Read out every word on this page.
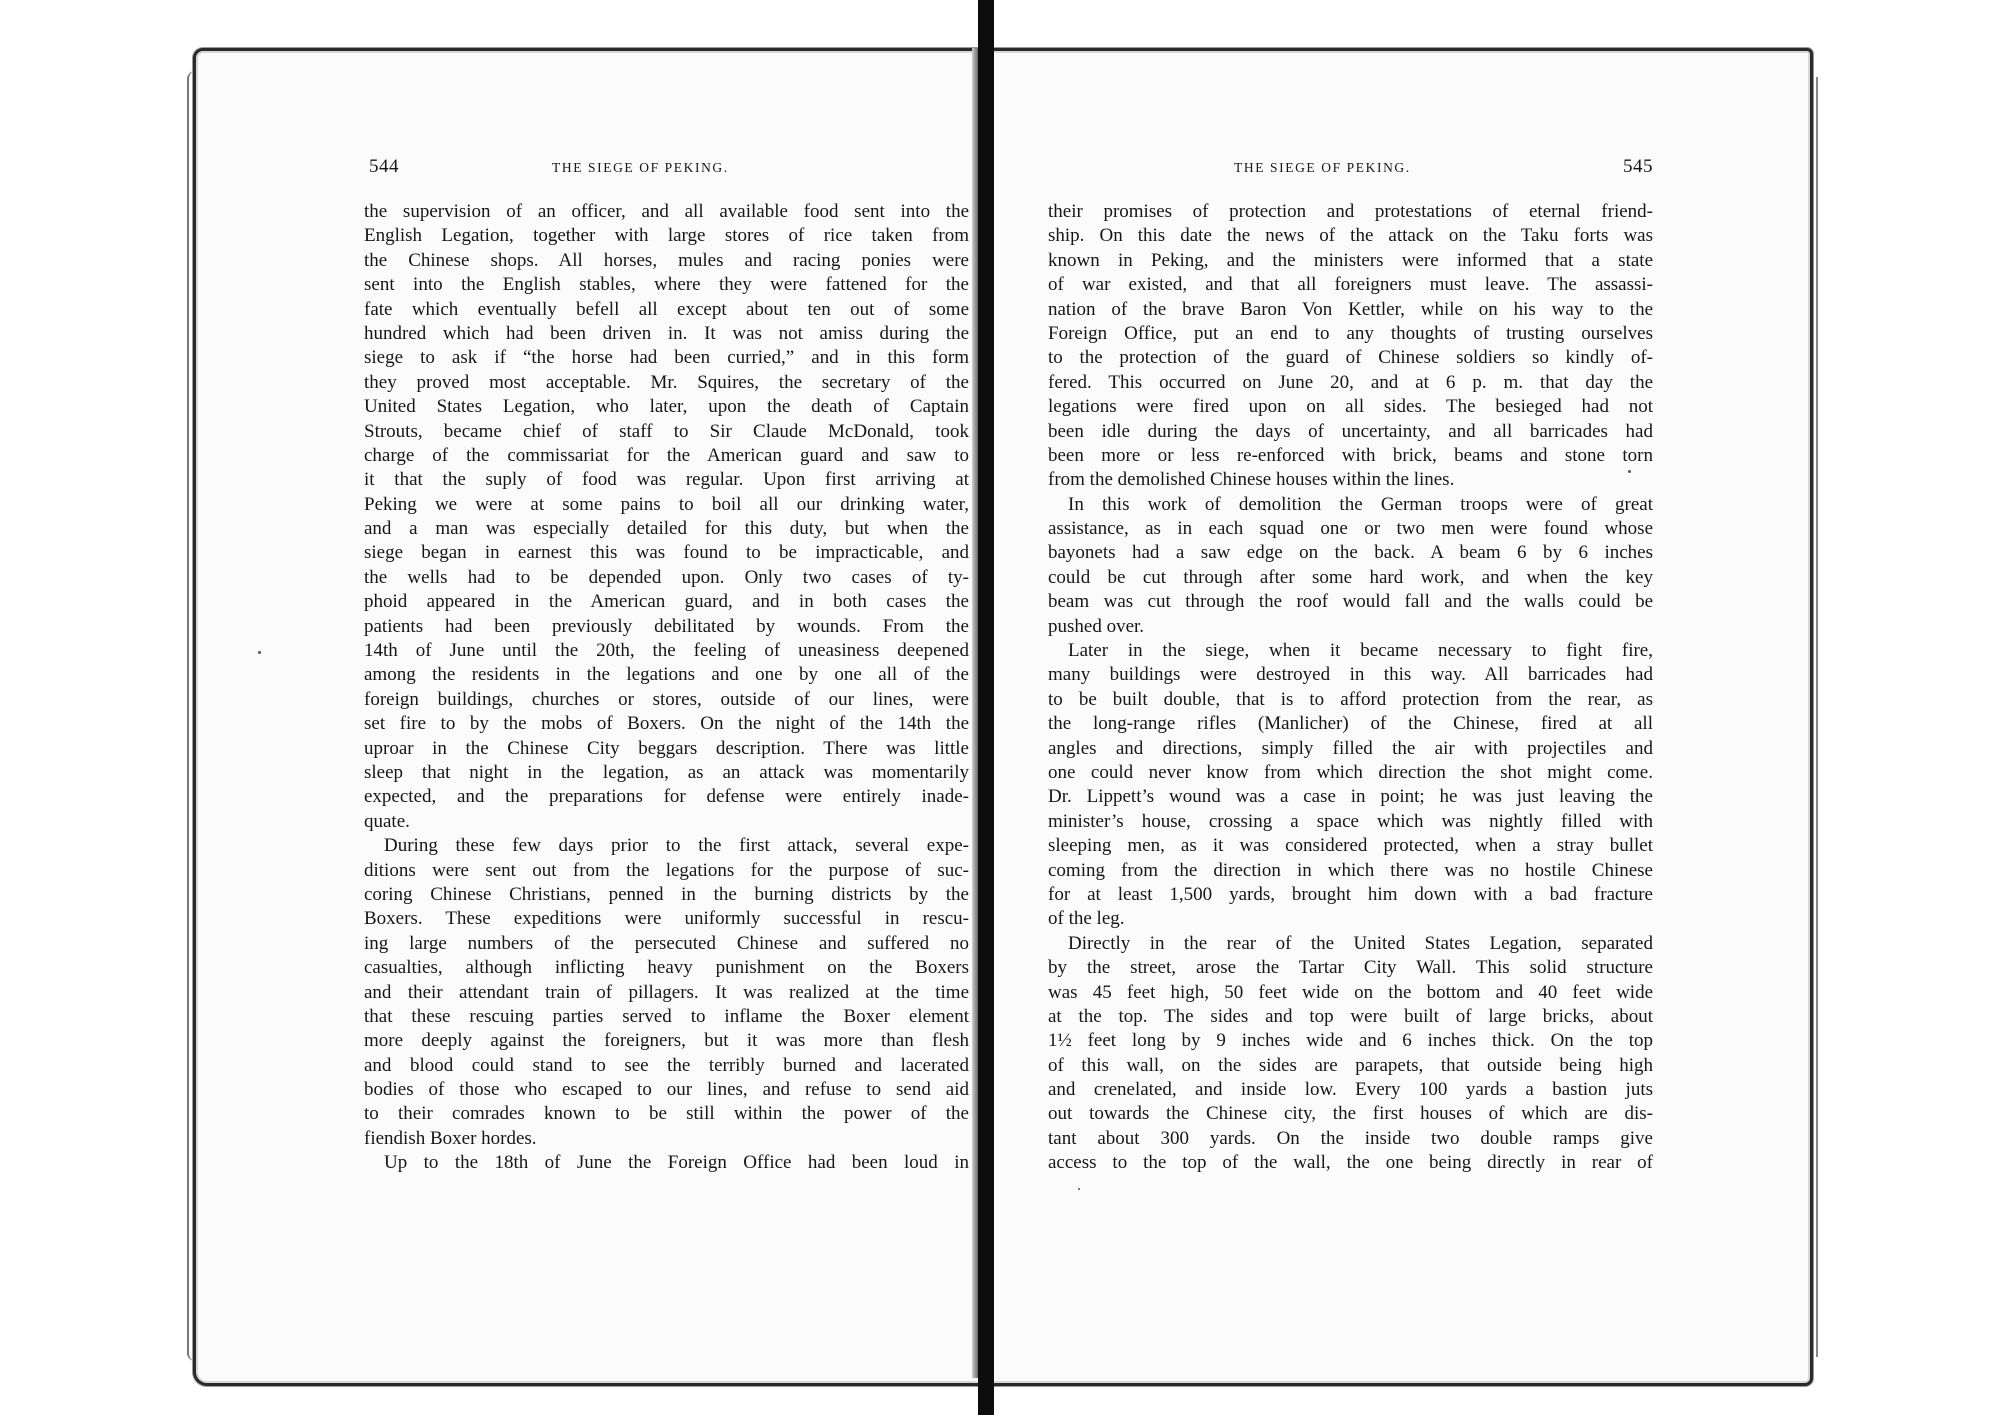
544	THE SIEGE OF PEKING.
the supervision of an officer, and all available food sent into the
English Legation, together with large stores of rice taken from
the Chinese shops. All horses, mules and racing ponies were
sent into the English stables, where they were fattened for the
fate which eventually befell all except about ten out of some
hundred which had been driven in. It was not amiss during the
siege to ask if “the horse had been curried,” and in this form
they proved most acceptable. Mr. Squires, the secretary of the
United States Legation, who later, upon the death of Captain
Strouts, became chief of staff to Sir Claude McDonald, took
charge of the commissariat for the American guard and saw to
it that the suply of food was regular. Upon first arriving at
Peking we were at some pains to boil all our drinking water,
and a man was especially detailed for this duty, but when the
siege began in earnest this was found to be impracticable, and
the wells had to be depended upon. Only two cases of ty-
phoid appeared in the American guard, and in both cases the
patients had been previously debilitated by wounds. From the
14th of June until the 20th, the feeling of uneasiness deepened
among the residents in the legations and one by one all of the
foreign buildings, churches or stores, outside of our lines, were
set fire to by the mobs of Boxers. On the night of the 14th the
uproar in the Chinese City beggars description. There was little
sleep that night in the legation, as an attack was momentarily
expected, and the preparations for defense were entirely inade-
quate.
During these few days prior to the first attack, several expe-
ditions were sent out from the legations for the purpose of suc-
coring Chinese Christians, penned in the burning districts by the
Boxers. These expeditions were uniformly successful in rescu-
ing large numbers of the persecuted Chinese and suffered no
casualties, although inflicting heavy punishment on the Boxers
and their attendant train of pillagers. It was realized at the time
that these rescuing parties served to inflame the Boxer element
more deeply against the foreigners, but it was more than flesh
and blood could stand to see the terribly burned and lacerated
bodies of those who escaped to our lines, and refuse to send aid
to their comrades known to be still within the power of the
fiendish Boxer hordes.
Up to the 18th of June the Foreign Office had been loud in
THE SIEGE OF PEKING.	545
their promises of protection and protestations of eternal friend-
ship. On this date the news of the attack on the Taku forts was
known in Peking, and the ministers were informed that a state
of war existed, and that all foreigners must leave. The assassi-
nation of the brave Baron Von Kettler, while on his way to the
Foreign Office, put an end to any thoughts of trusting ourselves
to the protection of the guard of Chinese soldiers so kindly of-
fered. This occurred on June 20, and at 6 p. m. that day the
legations were fired upon on all sides. The besieged had not
been idle during the days of uncertainty, and all barricades had
been more or less re-enforced with brick, beams and stone torn
from the demolished Chinese houses within the lines.
In this work of demolition the German troops were of great
assistance, as in each squad one or two men were found whose
bayonets had a saw edge on the back. A beam 6 by 6 inches
could be cut through after some hard work, and when the key
beam was cut through the roof would fall and the walls could be
pushed over.
Later in the siege, when it became necessary to fight fire,
many buildings were destroyed in this way. All barricades had
to be built double, that is to afford protection from the rear, as
the long-range rifles (Manlicher) of the Chinese, fired at all
angles and directions, simply filled the air with projectiles and
one could never know from which direction the shot might come.
Dr. Lippett’s wound was a case in point; he was just leaving the
minister’s house, crossing a space which was nightly filled with
sleeping men, as it was considered protected, when a stray bullet
coming from the direction in which there was no hostile Chinese
for at least 1,500 yards, brought him down with a bad fracture
of the leg.
Directly in the rear of the United States Legation, separated
by the street, arose the Tartar City Wall. This solid structure
was 45 feet high, 50 feet wide on the bottom and 40 feet wide
at the top. The sides and top were built of large bricks, about
1½ feet long by 9 inches wide and 6 inches thick. On the top
of this wall, on the sides are parapets, that outside being high
and crenelated, and inside low. Every 100 yards a bastion juts
out towards the Chinese city, the first houses of which are dis-
tant about 300 yards. On the inside two double ramps give
access to the top of the wall, the one being directly in rear of
